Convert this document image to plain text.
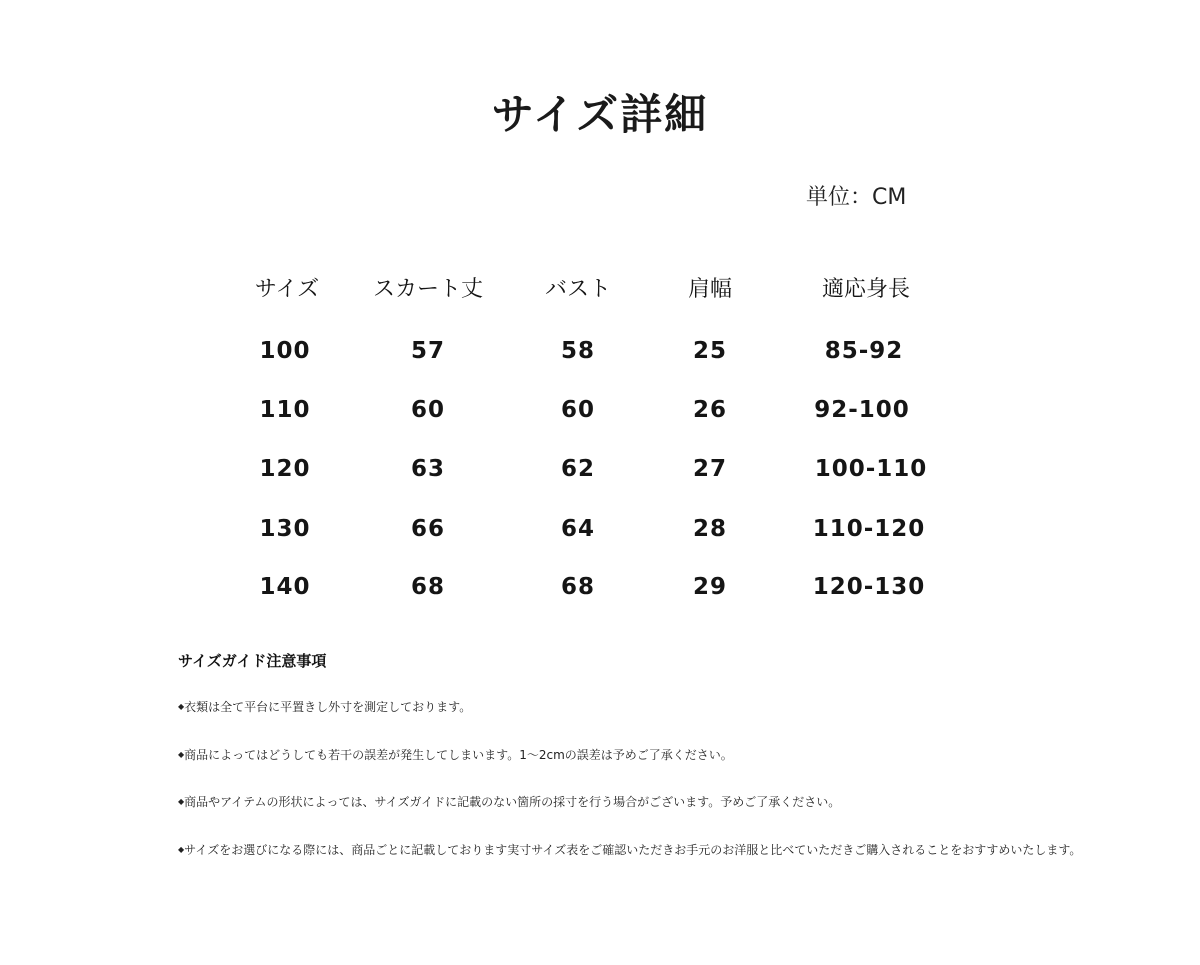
サイズ詳細
単位：CM
サイズ スカート丈	バスト	肩幅	適応身長
100	57	58	25	85-92
110	60	60	26	92-100
120	63	62	27	100-110
130	66	64	28	110-120
140	68	68	29	120-130
サイズガイド注意事項
◆衣類は全て平台に平置きし外寸を測定しております。
◆商品によってはどうしても若干の誤差が発生してしまいます。1～2cmの誤差は予めご了承ください。
◆商品やアイテムの形状によっては、サイズガイドに記載のない箇所の採寸を行う場合がございます。予めご了承ください。
◆サイズをお選びになる際には、商品ごとに記載しております実寸サイズ表をご確認いただきお手元のお洋服と比べていただきご購入されることをおすすめいたします。
